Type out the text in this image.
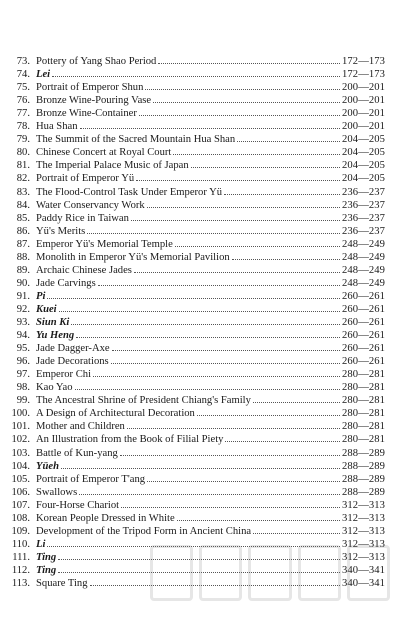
73. Pottery of Yang Shao Period	172—173
74. Lei	172—173
75. Portrait of Emperor Shun	200—201
76. Bronze Wine-Pouring Vase	200—201
77. Bronze Wine-Container	200—201
78. Hua Shan	200—201
79. The Summit of the Sacred Mountain Hua Shan	204—205
80. Chinese Concert at Royal Court	204—205
81. The Imperial Palace Music of Japan	204—205
82. Portrait of Emperor Yü	204—205
83. The Flood-Control Task Under Emperor Yü	236—237
84. Water Conservancy Work	236—237
85. Paddy Rice in Taiwan	236—237
86. Yü's Merits	236—237
87. Emperor Yü's Memorial Temple	248—249
88. Monolith in Emperor Yü's Memorial Pavilion	248—249
89. Archaic Chinese Jades	248—249
90. Jade Carvings	248—249
91. Pi	260—261
92. Kuei	260—261
93. Siun Ki	260—261
94. Yu Heng	260—261
95. Jade Dagger-Axe	260—261
96. Jade Decorations	260—261
97. Emperor Chi	280—281
98. Kao Yao	280—281
99. The Ancestral Shrine of President Chiang's Family	280—281
100. A Design of Architectural Decoration	280—281
101. Mother and Children	280—281
102. An Illustration from the Book of Filial Piety	280—281
103. Battle of Kun-yang	288—289
104. Yüeh	288—289
105. Portrait of Emperor T'ang	288—289
106. Swallows	288—289
107. Four-Horse Chariot	312—313
108. Korean People Dressed in White	312—313
109. Development of the Tripod Form in Ancient China	312—313
110. Li	312—313
111. Ting	312—313
112. Ting	340—341
113. Square Ting	340—341
